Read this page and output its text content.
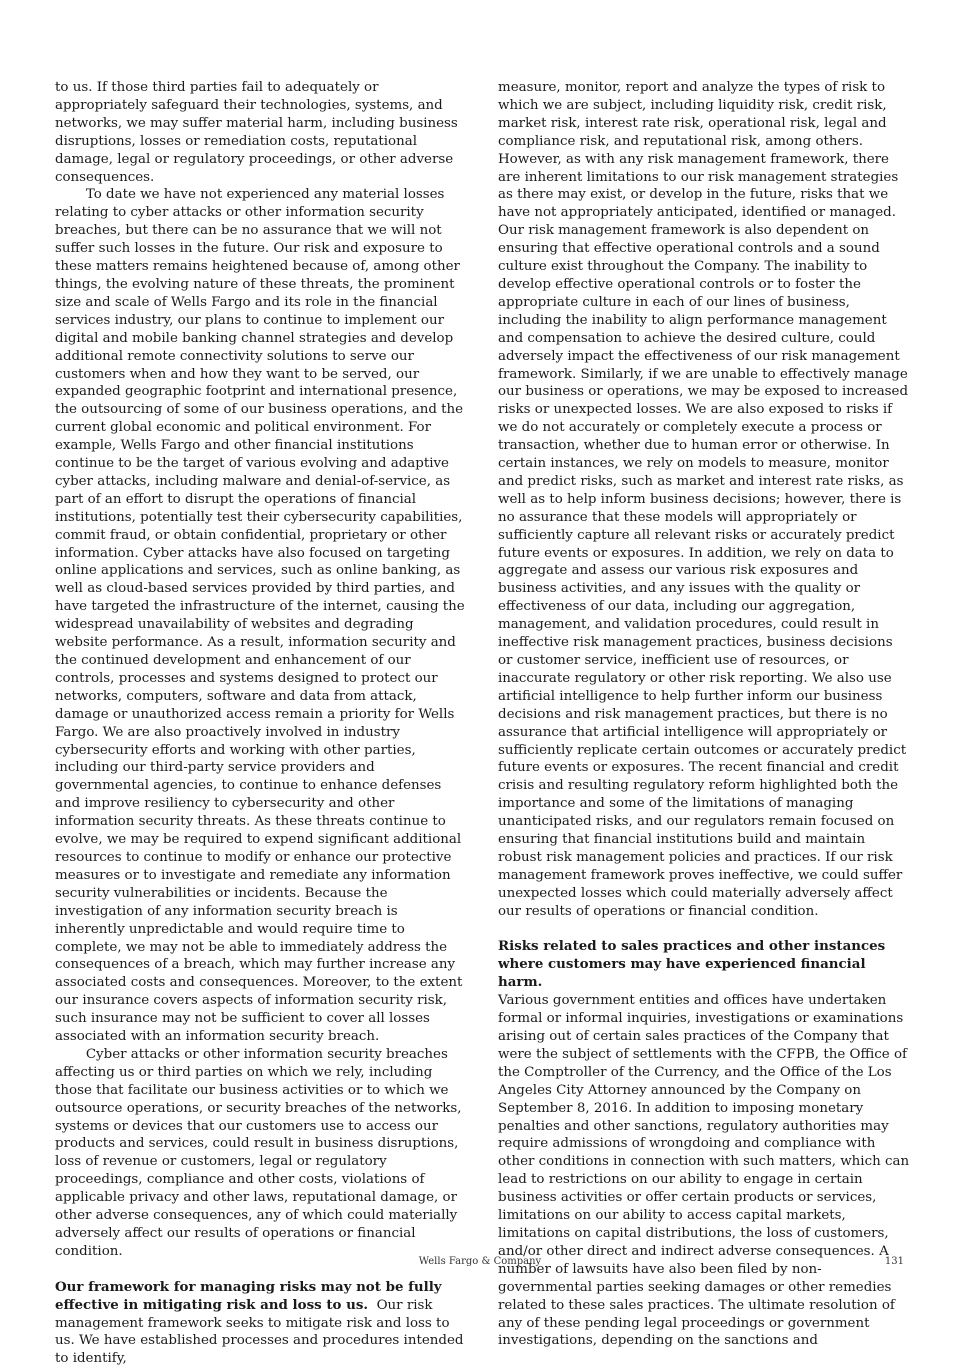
to us. If those third parties fail to adequately or appropriately safeguard their technologies, systems, and networks, we may suffer material harm, including business disruptions, losses or remediation costs, reputational damage, legal or regulatory proceedings, or other adverse consequences.

To date we have not experienced any material losses relating to cyber attacks or other information security breaches, but there can be no assurance that we will not suffer such losses in the future. Our risk and exposure to these matters remains heightened because of, among other things, the evolving nature of these threats, the prominent size and scale of Wells Fargo and its role in the financial services industry, our plans to continue to implement our digital and mobile banking channel strategies and develop additional remote connectivity solutions to serve our customers when and how they want to be served, our expanded geographic footprint and international presence, the outsourcing of some of our business operations, and the current global economic and political environment. For example, Wells Fargo and other financial institutions continue to be the target of various evolving and adaptive cyber attacks, including malware and denial-of-service, as part of an effort to disrupt the operations of financial institutions, potentially test their cybersecurity capabilities, commit fraud, or obtain confidential, proprietary or other information. Cyber attacks have also focused on targeting online applications and services, such as online banking, as well as cloud-based services provided by third parties, and have targeted the infrastructure of the internet, causing the widespread unavailability of websites and degrading website performance. As a result, information security and the continued development and enhancement of our controls, processes and systems designed to protect our networks, computers, software and data from attack, damage or unauthorized access remain a priority for Wells Fargo. We are also proactively involved in industry cybersecurity efforts and working with other parties, including our third-party service providers and governmental agencies, to continue to enhance defenses and improve resiliency to cybersecurity and other information security threats. As these threats continue to evolve, we may be required to expend significant additional resources to continue to modify or enhance our protective measures or to investigate and remediate any information security vulnerabilities or incidents. Because the investigation of any information security breach is inherently unpredictable and would require time to complete, we may not be able to immediately address the consequences of a breach, which may further increase any associated costs and consequences. Moreover, to the extent our insurance covers aspects of information security risk, such insurance may not be sufficient to cover all losses associated with an information security breach.

Cyber attacks or other information security breaches affecting us or third parties on which we rely, including those that facilitate our business activities or to which we outsource operations, or security breaches of the networks, systems or devices that our customers use to access our products and services, could result in business disruptions, loss of revenue or customers, legal or regulatory proceedings, compliance and other costs, violations of applicable privacy and other laws, reputational damage, or other adverse consequences, any of which could materially adversely affect our results of operations or financial condition.

Our framework for managing risks may not be fully effective in mitigating risk and loss to us. Our risk management framework seeks to mitigate risk and loss to us. We have established processes and procedures intended to identify,

measure, monitor, report and analyze the types of risk to which we are subject, including liquidity risk, credit risk, market risk, interest rate risk, operational risk, legal and compliance risk, and reputational risk, among others. However, as with any risk management framework, there are inherent limitations to our risk management strategies as there may exist, or develop in the future, risks that we have not appropriately anticipated, identified or managed. Our risk management framework is also dependent on ensuring that effective operational controls and a sound culture exist throughout the Company. The inability to develop effective operational controls or to foster the appropriate culture in each of our lines of business, including the inability to align performance management and compensation to achieve the desired culture, could adversely impact the effectiveness of our risk management framework. Similarly, if we are unable to effectively manage our business or operations, we may be exposed to increased risks or unexpected losses. We are also exposed to risks if we do not accurately or completely execute a process or transaction, whether due to human error or otherwise. In certain instances, we rely on models to measure, monitor and predict risks, such as market and interest rate risks, as well as to help inform business decisions; however, there is no assurance that these models will appropriately or sufficiently capture all relevant risks or accurately predict future events or exposures. In addition, we rely on data to aggregate and assess our various risk exposures and business activities, and any issues with the quality or effectiveness of our data, including our aggregation, management, and validation procedures, could result in ineffective risk management practices, business decisions or customer service, inefficient use of resources, or inaccurate regulatory or other risk reporting. We also use artificial intelligence to help further inform our business decisions and risk management practices, but there is no assurance that artificial intelligence will appropriately or sufficiently replicate certain outcomes or accurately predict future events or exposures. The recent financial and credit crisis and resulting regulatory reform highlighted both the importance and some of the limitations of managing unanticipated risks, and our regulators remain focused on ensuring that financial institutions build and maintain robust risk management policies and practices. If our risk management framework proves ineffective, we could suffer unexpected losses which could materially adversely affect our results of operations or financial condition.

Risks related to sales practices and other instances where customers may have experienced financial harm.

Various government entities and offices have undertaken formal or informal inquiries, investigations or examinations arising out of certain sales practices of the Company that were the subject of settlements with the CFPB, the Office of the Comptroller of the Currency, and the Office of the Los Angeles City Attorney announced by the Company on September 8, 2016. In addition to imposing monetary penalties and other sanctions, regulatory authorities may require admissions of wrongdoing and compliance with other conditions in connection with such matters, which can lead to restrictions on our ability to engage in certain business activities or offer certain products or services, limitations on our ability to access capital markets, limitations on capital distributions, the loss of customers, and/or other direct and indirect adverse consequences. A number of lawsuits have also been filed by non-governmental parties seeking damages or other remedies related to these sales practices. The ultimate resolution of any of these pending legal proceedings or government investigations, depending on the sanctions and

Wells Fargo & Company	131
